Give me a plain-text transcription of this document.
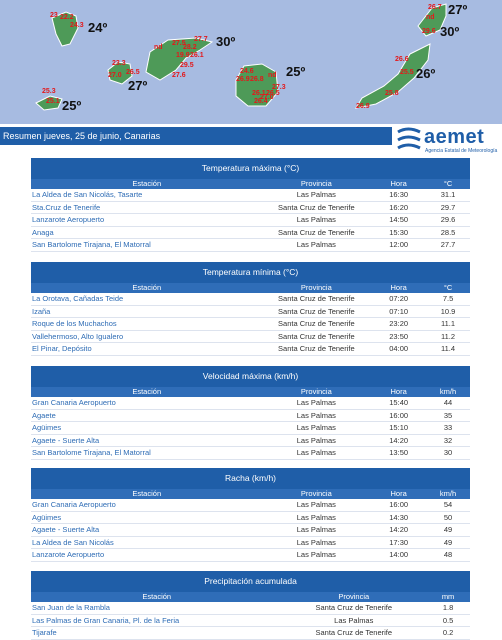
23 22.2
24.3 24º
25.3
25.1 25º
23.3
27.0 26.5
27º
nd
27.5
28.2
27.7
19.9 26.1
29.5
27.6
30º
24.6
26.9 26.8
nd
27.3
26.5
26.1
27.0
26.4
25º
26.6
25.5
25.8
26.9
26º
26.7
nd
27º
29.6 30º
Resumen jueves, 25 de junio, Canarias	aemet
Agencia Estatal de Meteorología
Temperatura máxima (°C)
Estación	Provincia	Hora	°C
La Aldea de San Nicolás, Tasarte	Las Palmas	16:30	31.1
Sta.Cruz de Tenerife	Santa Cruz de Tenerife	16:20	29.7
Lanzarote Aeropuerto	Las Palmas	14:50	29.6
Anaga	Santa Cruz de Tenerife	15:30	28.5
San Bartolome Tirajana, El Matorral	Las Palmas	12:00	27.7
Temperatura mínima (°C)
Estación	Provincia	Hora	°C
La Orotava, Cañadas Teide	Santa Cruz de Tenerife	07:20	7.5
Izaña	Santa Cruz de Tenerife	07:10	10.9
Roque de los Muchachos	Santa Cruz de Tenerife	23:20	11.1
Vallehermoso, Alto Igualero	Santa Cruz de Tenerife	23:50	11.2
El Pinar, Depósito	Santa Cruz de Tenerife	04:00	11.4
Velocidad máxima (km/h)
Estación	Provincia	Hora	km/h
Gran Canaria Aeropuerto	Las Palmas	15:40	44
Agaete	Las Palmas	16:00	35
Agüimes	Las Palmas	15:10	33
Agaete - Suerte Alta	Las Palmas	14:20	32
San Bartolome Tirajana, El Matorral	Las Palmas	13:50	30
Racha (km/h)
Estación	Provincia	Hora	km/h
Gran Canaria Aeropuerto	Las Palmas	16:00	54
Agüimes	Las Palmas	14:30	50
Agaete - Suerte Alta	Las Palmas	14:20	49
La Aldea de San Nicolás	Las Palmas	17:30	49
Lanzarote Aeropuerto	Las Palmas	14:00	48
Precipitación acumulada
Estación	Provincia	mm
San Juan de la Rambla	Santa Cruz de Tenerife	1.8
Las Palmas de Gran Canaria, Pl. de la Feria	Las Palmas	0.5
Tijarafe	Santa Cruz de Tenerife	0.2
